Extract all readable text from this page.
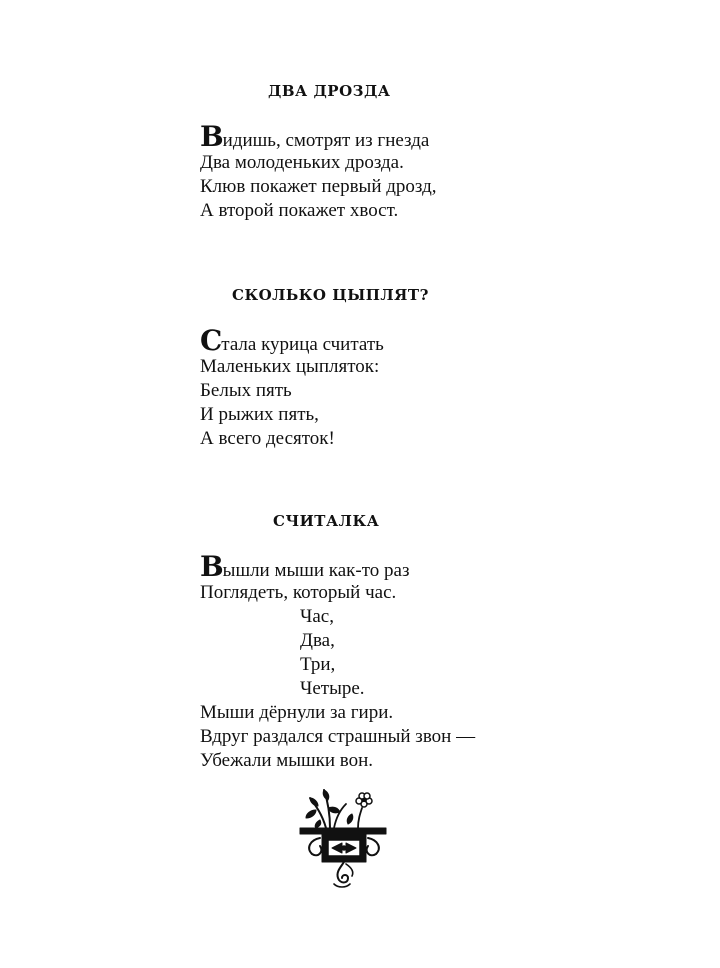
ДВА ДРОЗДА
Видишь, смотрят из гнезда
Два молоденьких дрозда.
Клюв покажет первый дрозд,
А второй покажет хвост.
СКОЛЬКО ЦЫПЛЯТ?
Стала курица считать
Маленьких цыпляток:
Белых пять
И рыжих пять,
А всего десяток!
СЧИТАЛКА
Вышли мыши как-то раз
Поглядеть, который час.
Час,
Два,
Три,
Четыре.
Мыши дёрнули за гири.
Вдруг раздался страшный звон —
Убежали мышки вон.
